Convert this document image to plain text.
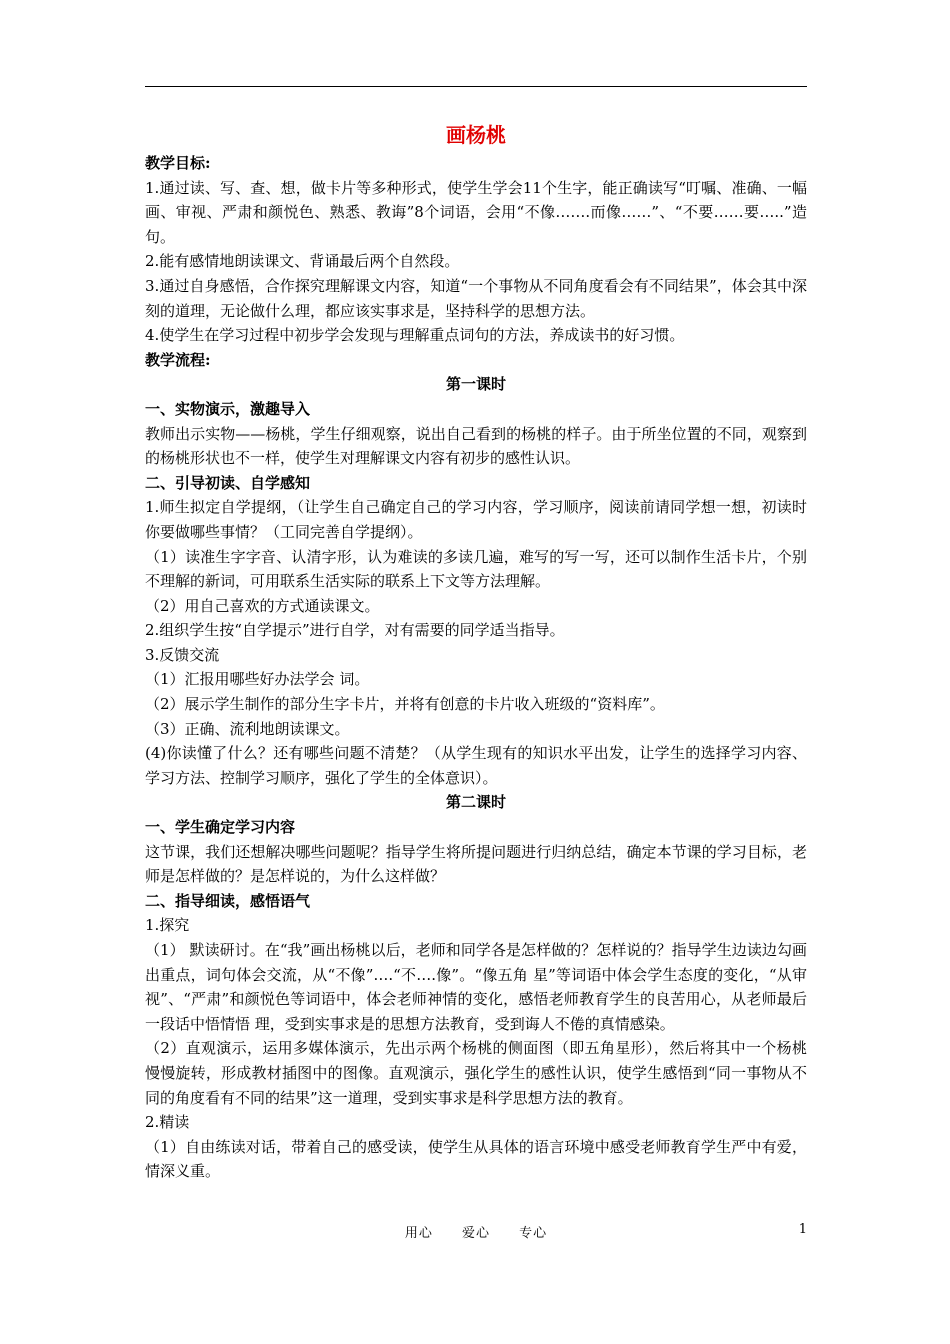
画杨桃
教学目标:
1.通过读、写、查、想，做卡片等多种形式，使学生学会11个生字，能正确读写“叮嘱、准确、一幅画、审视、严肃和颜悦色、熟悉、教诲”8个词语，会用“不像…….而像……”、“不要……要…..”造句。
2.能有感情地朗读课文、背诵最后两个自然段。
3.通过自身感悟，合作探究理解课文内容，知道“一个事物从不同角度看会有不同结果”，体会其中深刻的道理，无论做什么理，都应该实事求是，坚持科学的思想方法。
4.使学生在学习过程中初步学会发现与理解重点词句的方法，养成读书的好习惯。
教学流程:
第一课时
一、实物演示，激趣导入
教师出示实物——杨桃，学生仔细观察，说出自己看到的杨桃的样子。由于所坐位置的不同，观察到的杨桃形状也不一样，使学生对理解课文内容有初步的感性认识。
二、引导初读、自学感知
1.师生拟定自学提纲，（让学生自己确定自己的学习内容，学习顺序，阅读前请同学想一想，初读时你要做哪些事情？（工同完善自学提纲）。
（1）读准生字字音、认清字形，认为难读的多读几遍，难写的写一写，还可以制作生活卡片，个别不理解的新词，可用联系生活实际的联系上下文等方法理解。
（2）用自己喜欢的方式通读课文。
2.组织学生按“自学提示”进行自学，对有需要的同学适当指导。
3.反馈交流
（1）汇报用哪些好办法学会 词。
（2）展示学生制作的部分生字卡片，并将有创意的卡片收入班级的“资料库”。
（3）正确、流利地朗读课文。
(4)你读懂了什么？还有哪些问题不清楚？（从学生现有的知识水平出发，让学生的选择学习内容、学习方法、控制学习顺序，强化了学生的全体意识）。
第二课时
一、学生确定学习内容
这节课，我们还想解决哪些问题呢？指导学生将所提问题进行归纳总结，确定本节课的学习目标，老师是怎样做的？是怎样说的，为什么这样做？
二、指导细读，感悟语气
1.探究
（1） 默读研讨。在“我”画出杨桃以后，老师和同学各是怎样做的？怎样说的？指导学生边读边勾画出重点，词句体会交流，从“不像”….“不….像”。“像五角 星”等词语中体会学生态度的变化，“从审视”、“严肃”和颜悦色等词语中，体会老师神情的变化，感悟老师教育学生的良苦用心，从老师最后一段话中悟情悟 理，受到实事求是的思想方法教育，受到诲人不倦的真情感染。
（2）直观演示，运用多媒体演示，先出示两个杨桃的侧面图（即五角星形），然后将其中一个杨桃慢慢旋转，形成教材插图中的图像。直观演示，强化学生的感性认识，使学生感悟到“同一事物从不同的角度看有不同的结果”这一道理，受到实事求是科学思想方法的教育。
2.精读
（1）自由练读对话，带着自己的感受读，使学生从具体的语言环境中感受老师教育学生严中有爱，情深义重。
用心 爱心 专心	1
